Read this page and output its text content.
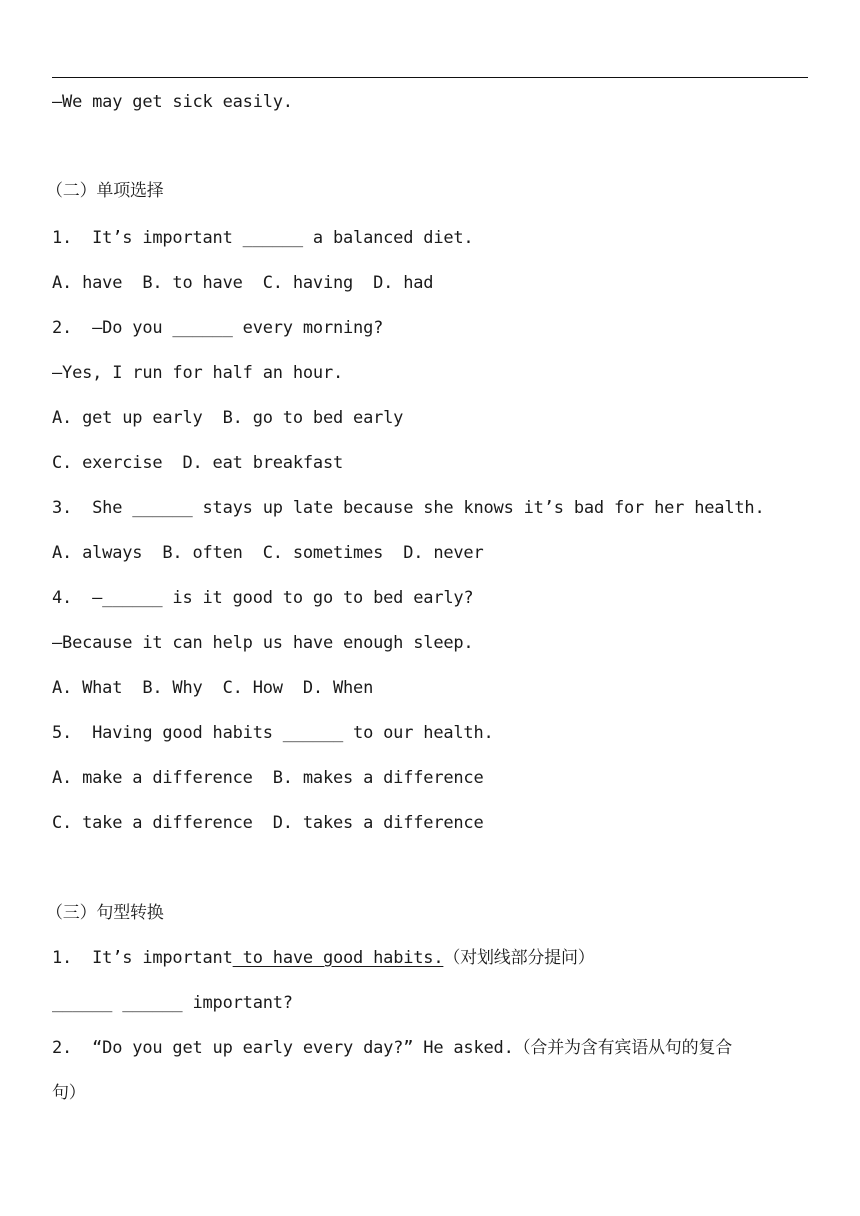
—We may get sick easily.
（二）单项选择
1.  It’s important ______ a balanced diet.
A. have  B. to have  C. having  D. had
2.  —Do you ______ every morning?
—Yes, I run for half an hour.
A. get up early  B. go to bed early
C. exercise  D. eat breakfast
3.  She ______ stays up late because she knows it’s bad for her health.
A. always  B. often  C. sometimes  D. never
4.  —______ is it good to go to bed early?
—Because it can help us have enough sleep.
A. What  B. Why  C. How  D. When
5.  Having good habits ______ to our health.
A. make a difference  B. makes a difference
C. take a difference  D. takes a difference
（三）句型转换
1.  It’s important to have good habits.（对划线部分提问）
______ ______ important?
2.  “Do you get up early every day?” He asked.（合并为含有宾语从句的复合
句）
